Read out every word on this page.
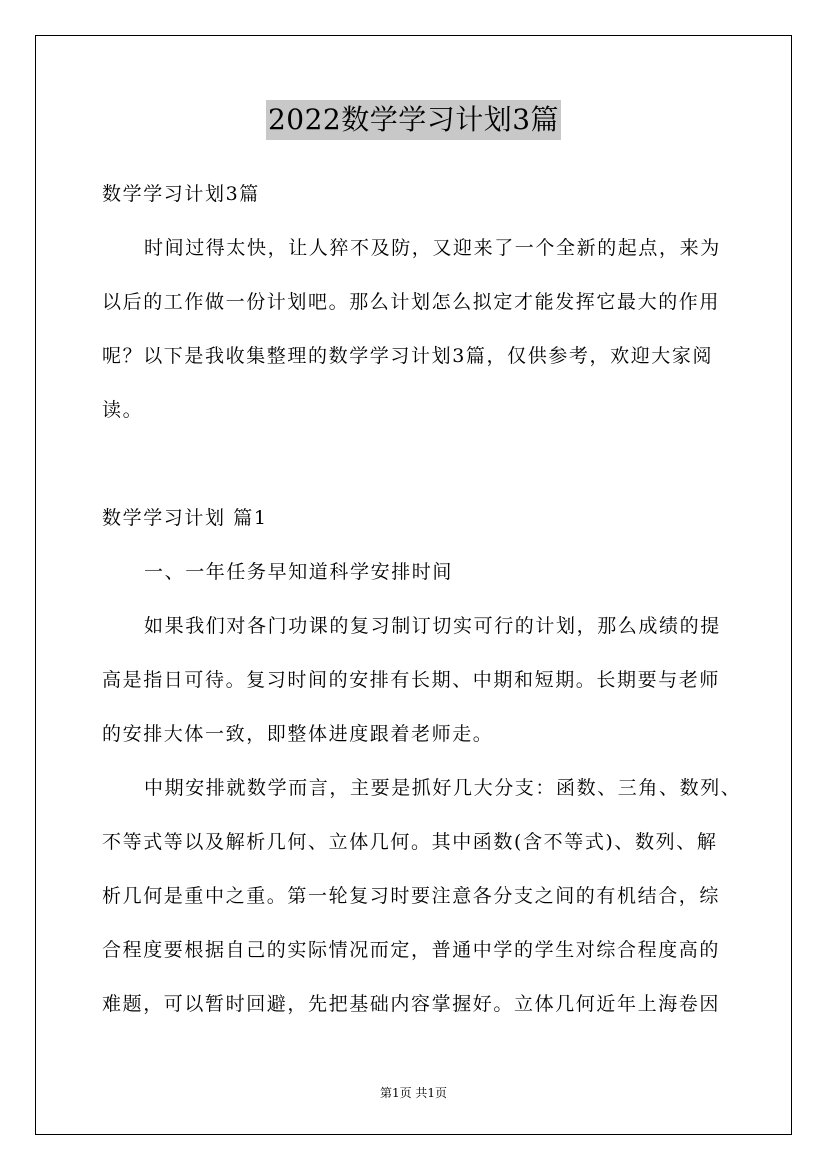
2022数学学习计划3篇
数学学习计划3篇
时间过得太快，让人猝不及防，又迎来了一个全新的起点，来为
以后的工作做一份计划吧。那么计划怎么拟定才能发挥它最大的作用
呢？以下是我收集整理的数学学习计划3篇，仅供参考，欢迎大家阅
读。
数学学习计划 篇1
一、一年任务早知道科学安排时间
如果我们对各门功课的复习制订切实可行的计划，那么成绩的提
高是指日可待。复习时间的安排有长期、中期和短期。长期要与老师
的安排大体一致，即整体进度跟着老师走。
中期安排就数学而言，主要是抓好几大分支：函数、三角、数列、
不等式等以及解析几何、立体几何。其中函数(含不等式)、数列、解
析几何是重中之重。第一轮复习时要注意各分支之间的有机结合，综
合程度要根据自己的实际情况而定，普通中学的学生对综合程度高的
难题，可以暂时回避，先把基础内容掌握好。立体几何近年上海卷因
第1页 共1页
